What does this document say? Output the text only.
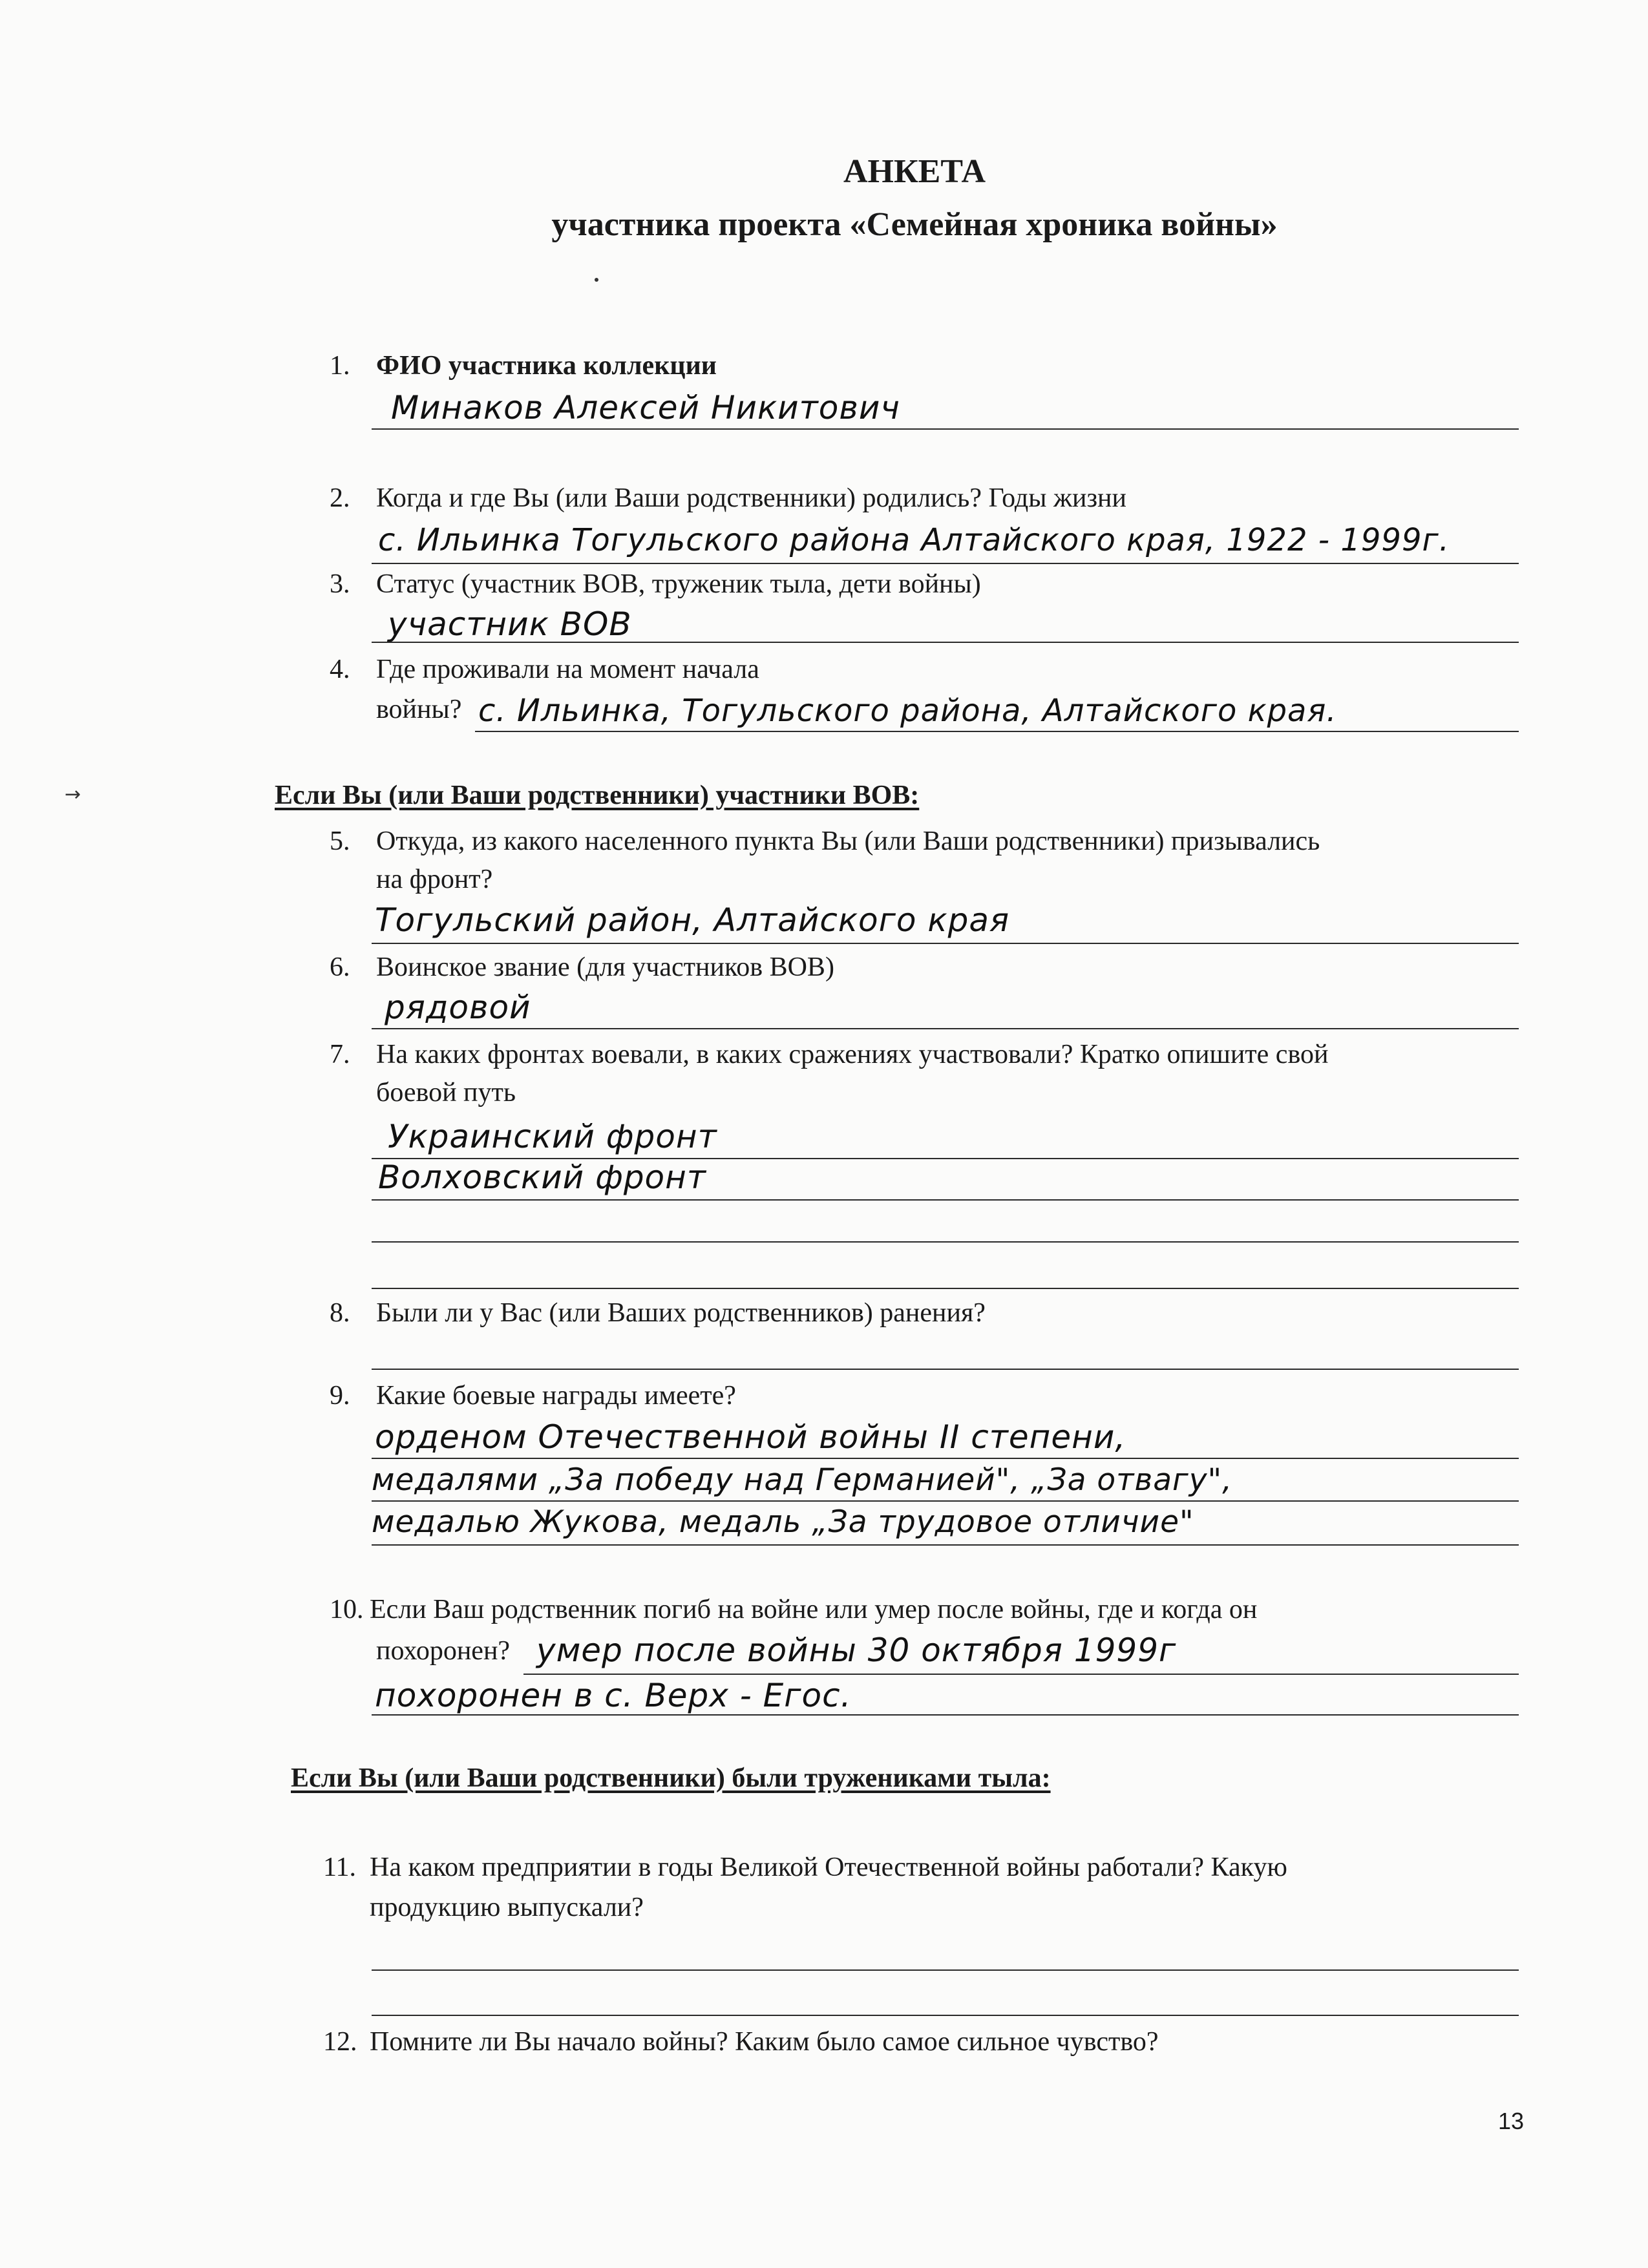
АНКЕТА
участника проекта «Семейная хроника войны»
1. ФИО участника коллекции
Минаков Алексей Никитович
2. Когда и где Вы (или Ваши родственники) родились? Годы жизни
с. Ильинка Тогульского района Алтайского края, 1922 - 1999г.
3. Статус (участник ВОВ, труженик тыла, дети войны)
участник ВОВ
4. Где проживали на момент начала
войны? с. Ильинка, Тогульского района, Алтайского края.
→	Если Вы (или Ваши родственники) участники ВОВ:
5. Откуда, из какого населенного пункта Вы (или Ваши родственники) призывались
на фронт?
Тогульский район, Алтайского края
6. Воинское звание (для участников ВОВ)
рядовой
7. На каких фронтах воевали, в каких сражениях участвовали? Кратко опишите свой
боевой путь
Украинский фронт
Волховский фронт
8. Были ли у Вас (или Ваших родственников) ранения?
9. Какие боевые награды имеете?
орденом Отечественной войны II степени,
медалями „За победу над Германией", „За отвагу",
медалью Жукова, медаль „За трудовое отличие"
10. Если Ваш родственник погиб на войне или умер после войны, где и когда он
похоронен? умер после войны 30 октября 1999г
похоронен в с. Верх - Егос.
Если Вы (или Ваши родственники) были тружениками тыла:
11. На каком предприятии в годы Великой Отечественной войны работали? Какую
продукцию выпускали?
12. Помните ли Вы начало войны? Каким было самое сильное чувство?
13
